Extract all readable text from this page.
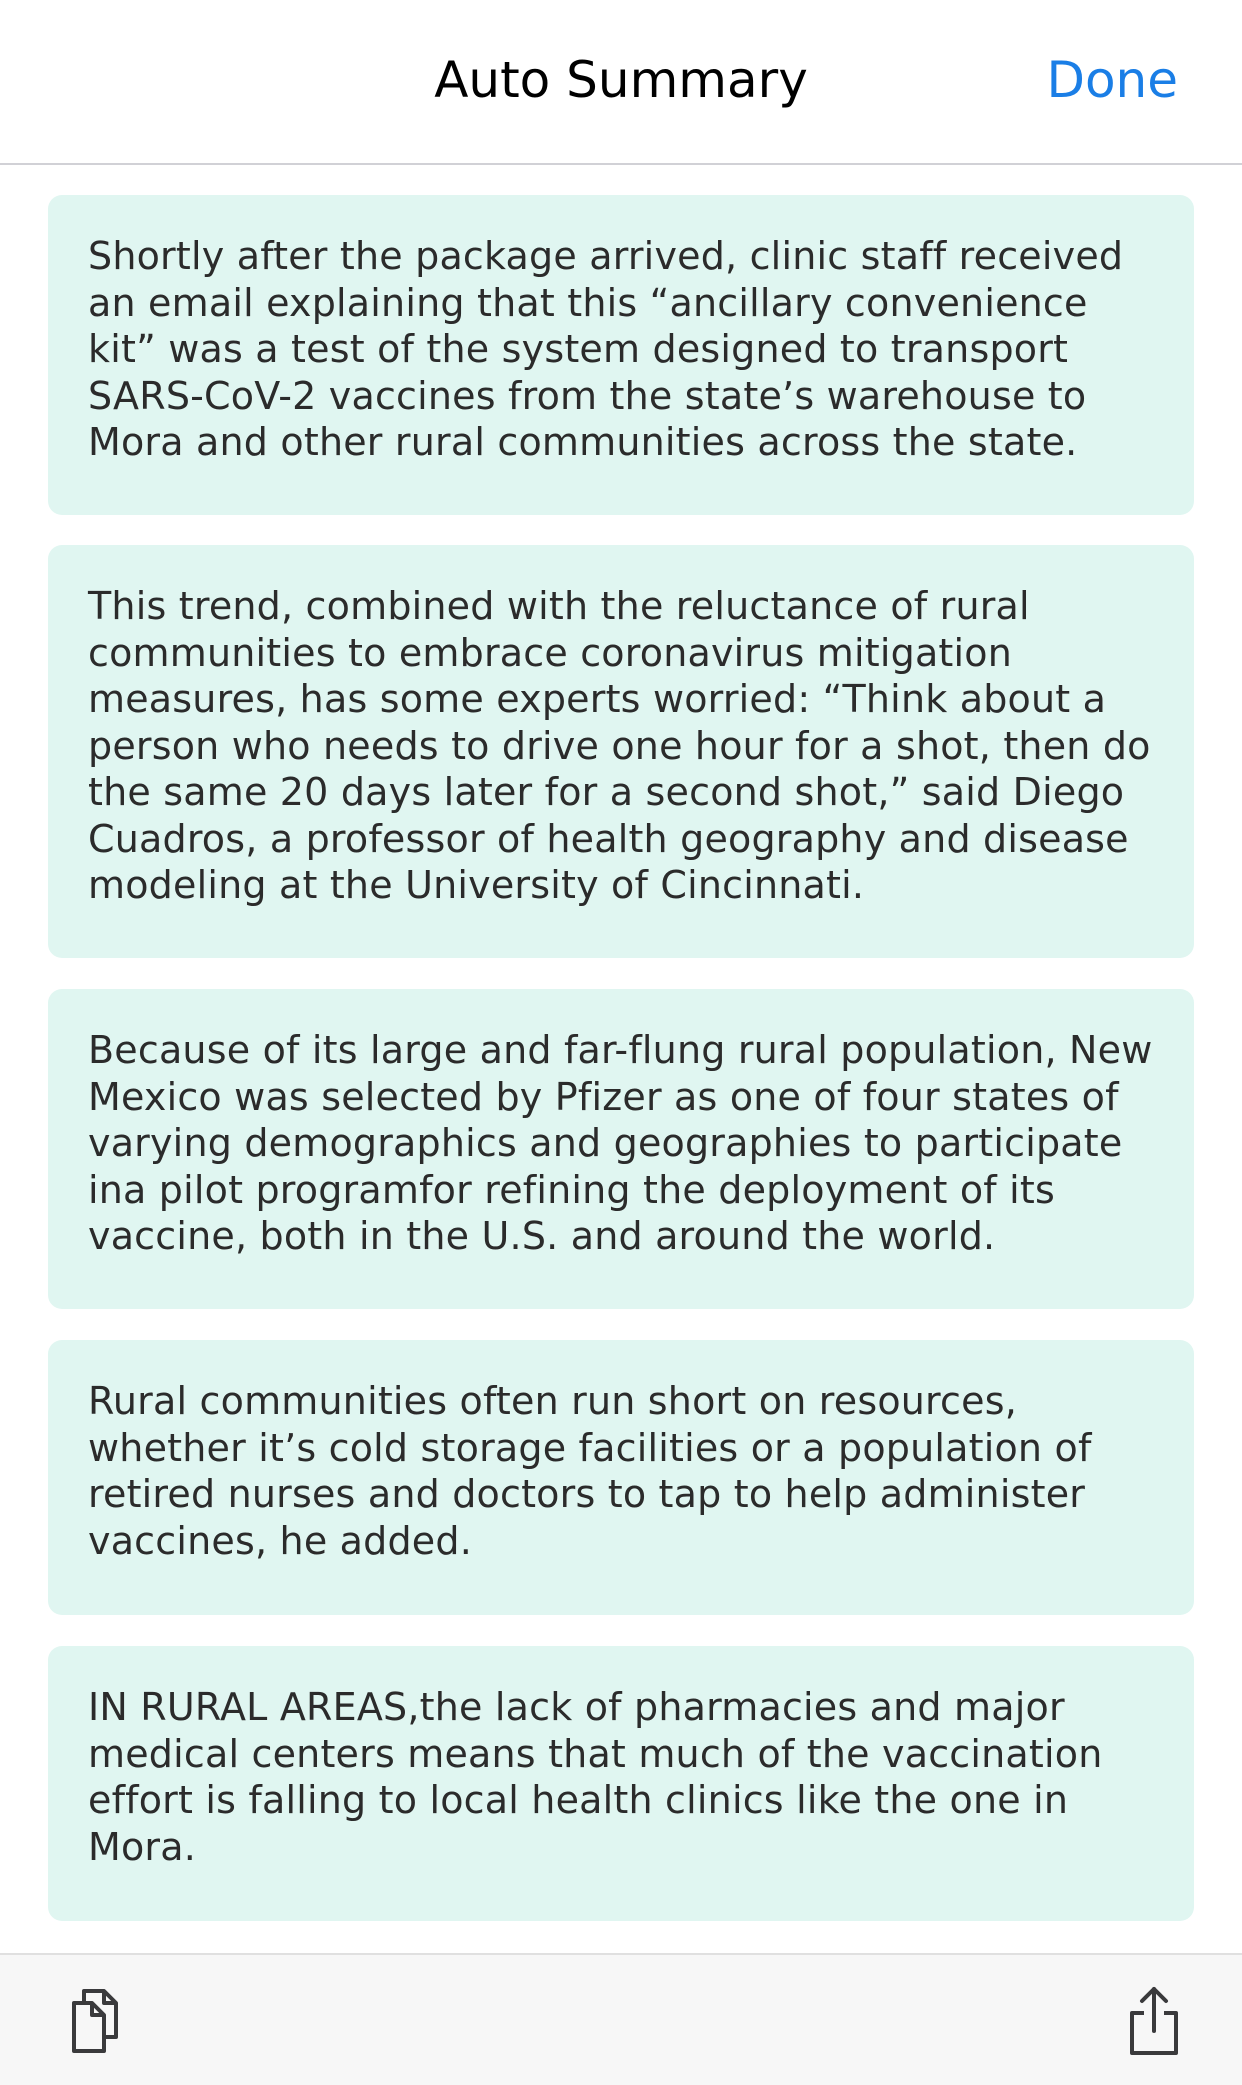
Auto Summary	Done
Shortly after the package arrived, clinic staff received an email explaining that this “ancillary convenience kit” was a test of the system designed to transport SARS-CoV-2 vaccines from the state’s warehouse to Mora and other rural communities across the state.
This trend, combined with the reluctance of rural communities to embrace coronavirus mitigation measures, has some experts worried: “Think about a person who needs to drive one hour for a shot, then do the same 20 days later for a second shot,” said Diego Cuadros, a professor of health geography and disease modeling at the University of Cincinnati.
Because of its large and far-flung rural population, New Mexico was selected by Pfizer as one of four states of varying demographics and geographies to participate ina pilot programfor refining the deployment of its vaccine, both in the U.S. and around the world.
Rural communities often run short on resources, whether it’s cold storage facilities or a population of retired nurses and doctors to tap to help administer vaccines, he added.
IN RURAL AREAS,the lack of pharmacies and major medical centers means that much of the vaccination effort is falling to local health clinics like the one in Mora.
